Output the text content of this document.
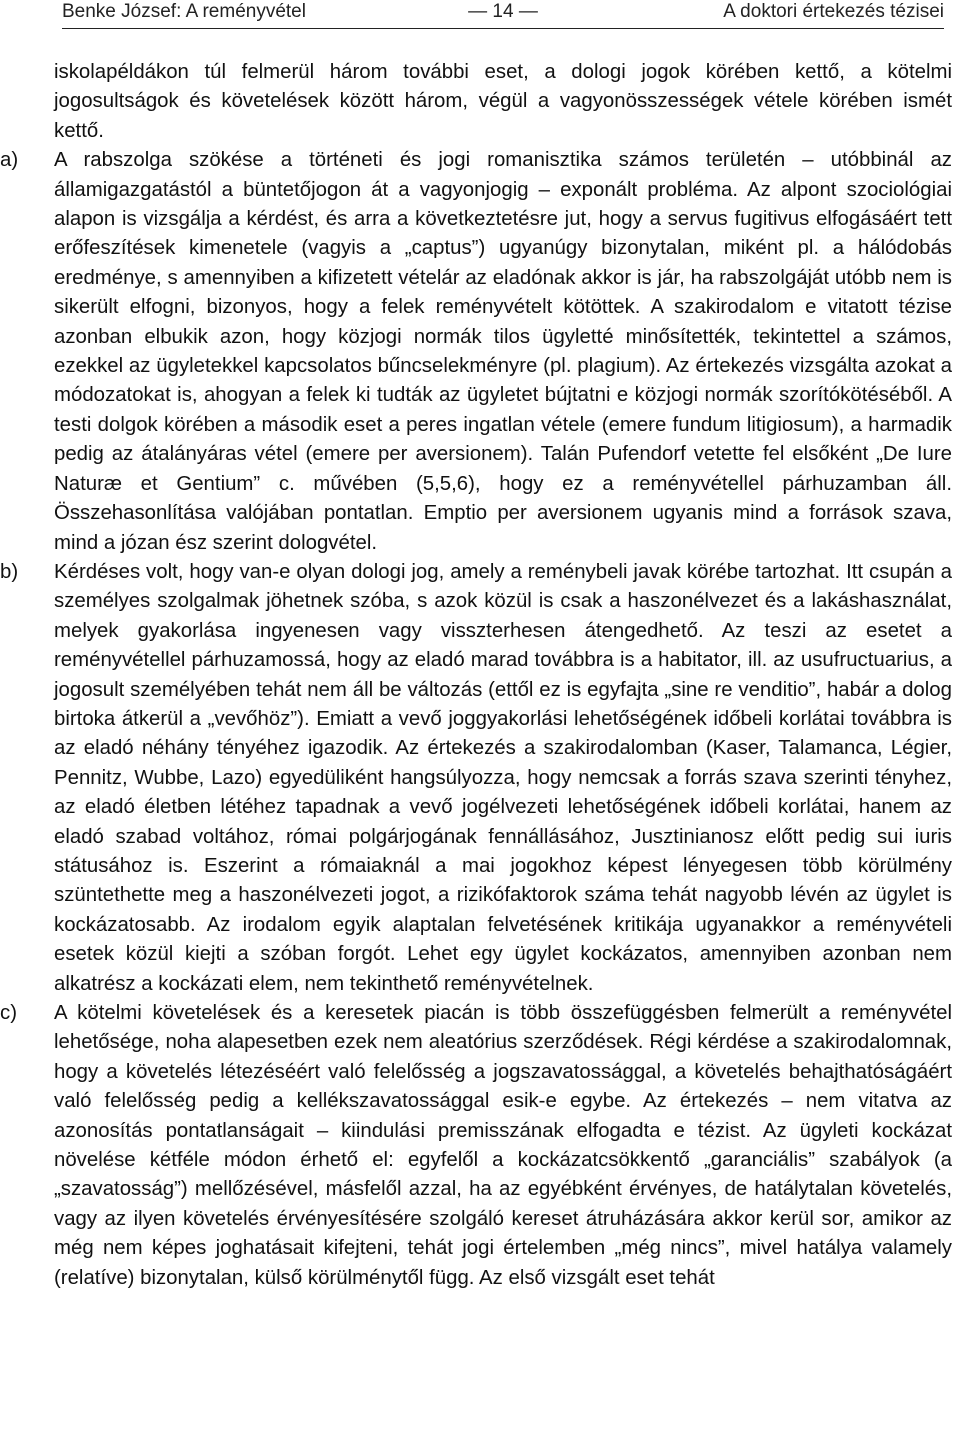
Benke József: A reményvétel	— 14 —	A doktori értekezés tézisei

iskolapéldákon túl felmerül három további eset, a dologi jogok körében kettő, a kötelmi jogosultságok és követelések között három, végül a vagyonösszességek vétele körében ismét kettő.

a)	A rabszolga szökése a történeti és jogi romanisztika számos területén – utóbbinál az államigazgatástól a büntetőjogon át a vagyonjogig – exponált probléma. Az alpont szociológiai alapon is vizsgálja a kérdést, és arra a következtetésre jut, hogy a servus fugitivus elfogásáért tett erőfeszítések kimenetele (vagyis a „captus”) ugyanúgy bizonytalan, miként pl. a hálódobás eredménye, s amennyiben a kifizetett vételár az eladónak akkor is jár, ha rabszolgáját utóbb nem is sikerült elfogni, bizonyos, hogy a felek reményvételt kötöttek. A szakirodalom e vitatott tézise azonban elbukik azon, hogy közjogi normák tilos ügyletté minősítették, tekintettel a számos, ezekkel az ügyletekkel kapcsolatos bűncselekményre (pl. plagium). Az értekezés vizsgálta azokat a módozatokat is, ahogyan a felek ki tudták az ügyletet bújtatni e közjogi normák szorítókötéséből. A testi dolgok körében a második eset a peres ingatlan vétele (emere fundum litigiosum), a harmadik pedig az átalányáras vétel (emere per aversionem). Talán Pufendorf vetette fel elsőként „De Iure Naturæ et Gentium” c. művében (5,5,6), hogy ez a reményvétellel párhuzamban áll. Összehasonlítása valójában pontatlan. Emptio per aversionem ugyanis mind a források szava, mind a józan ész szerint dologvétel.
b)	Kérdéses volt, hogy van-e olyan dologi jog, amely a reménybeli javak körébe tartozhat. Itt csupán a személyes szolgalmak jöhetnek szóba, s azok közül is csak a haszonélvezet és a lakáshasználat, melyek gyakorlása ingyenesen vagy visszterhesen átengedhető. Az teszi az esetet a reményvétellel párhuzamossá, hogy az eladó marad továbbra is a habitator, ill. az usufructuarius, a jogosult személyében tehát nem áll be változás (ettől ez is egyfajta „sine re venditio”, habár a dolog birtoka átkerül a „vevőhöz”). Emiatt a vevő joggyakorlási lehetőségének időbeli korlátai továbbra is az eladó néhány tényéhez igazodik. Az értekezés a szakirodalomban (Kaser, Talamanca, Légier, Pennitz, Wubbe, Lazo) egyedüliként hangsúlyozza, hogy nemcsak a forrás szava szerinti tényhez, az eladó életben létéhez tapadnak a vevő jogélvezeti lehetőségének időbeli korlátai, hanem az eladó szabad voltához, római polgárjogának fennállásához, Jusztinianosz előtt pedig sui iuris státusához is. Eszerint a rómaiaknál a mai jogokhoz képest lényegesen több körülmény szüntethette meg a haszonélvezeti jogot, a rizikófaktorok száma tehát nagyobb lévén az ügylet is kockázatosabb. Az irodalom egyik alaptalan felvetésének kritikája ugyanakkor a reményvételi esetek közül kiejti a szóban forgót. Lehet egy ügylet kockázatos, amennyiben azonban nem alkatrész a kockázati elem, nem tekinthető reményvételnek.
c)	A kötelmi követelések és a keresetek piacán is több összefüggésben felmerült a reményvétel lehetősége, noha alapesetben ezek nem aleatórius szerződések. Régi kérdése a szakirodalomnak, hogy a követelés létezéséért való felelősség a jogszavatossággal, a követelés behajthatóságáért való felelősség pedig a kellékszavatossággal esik-e egybe. Az értekezés – nem vitatva az azonosítás pontatlanságait – kiindulási premisszának elfogadta e tézist. Az ügyleti kockázat növelése kétféle módon érhető el: egyfelől a kockázatcsökkentő „garanciális” szabályok (a „szavatosság”) mellőzésével, másfelől azzal, ha az egyébként érvényes, de hatálytalan követelés, vagy az ilyen követelés érvényesítésére szolgáló kereset átruházására akkor kerül sor, amikor az még nem képes joghatásait kifejteni, tehát jogi értelemben „még nincs”, mivel hatálya valamely (relatíve) bizonytalan, külső körülménytől függ. Az első vizsgált eset tehát
